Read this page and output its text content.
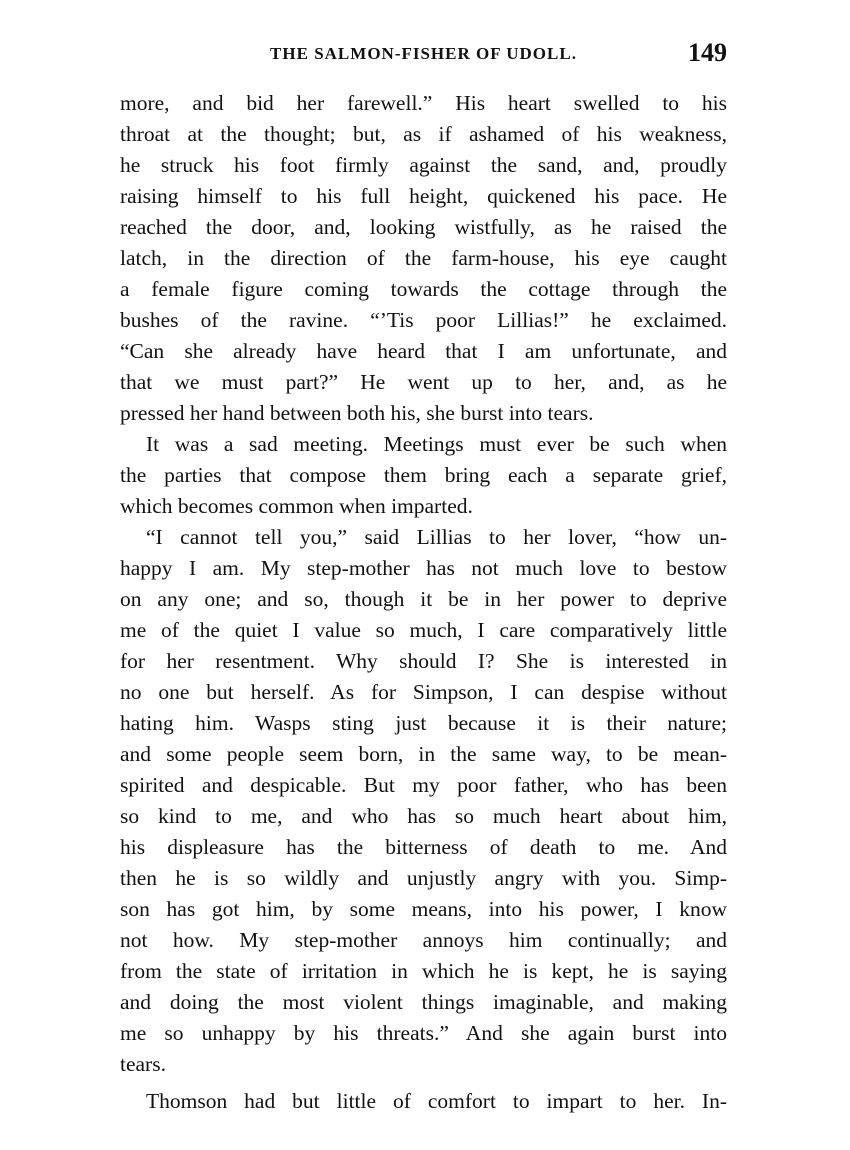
THE SALMON-FISHER OF UDOLL.	149
more, and bid her farewell.” His heart swelled to his
throat at the thought; but, as if ashamed of his weakness,
he struck his foot firmly against the sand, and, proudly
raising himself to his full height, quickened his pace. He
reached the door, and, looking wistfully, as he raised the
latch, in the direction of the farm-house, his eye caught
a female figure coming towards the cottage through the
bushes of the ravine. “’Tis poor Lillias!” he exclaimed.
“Can she already have heard that I am unfortunate, and
that we must part?” He went up to her, and, as he
pressed her hand between both his, she burst into tears.
It was a sad meeting. Meetings must ever be such when
the parties that compose them bring each a separate grief,
which becomes common when imparted.
“I cannot tell you,” said Lillias to her lover, “how un-
happy I am. My step-mother has not much love to bestow
on any one; and so, though it be in her power to deprive
me of the quiet I value so much, I care comparatively little
for her resentment. Why should I? She is interested in
no one but herself. As for Simpson, I can despise without
hating him. Wasps sting just because it is their nature;
and some people seem born, in the same way, to be mean-
spirited and despicable. But my poor father, who has been
so kind to me, and who has so much heart about him,
his displeasure has the bitterness of death to me. And
then he is so wildly and unjustly angry with you. Simp-
son has got him, by some means, into his power, I know
not how. My step-mother annoys him continually; and
from the state of irritation in which he is kept, he is saying
and doing the most violent things imaginable, and making
me so unhappy by his threats.” And she again burst into
tears.
Thomson had but little of comfort to impart to her. In-
